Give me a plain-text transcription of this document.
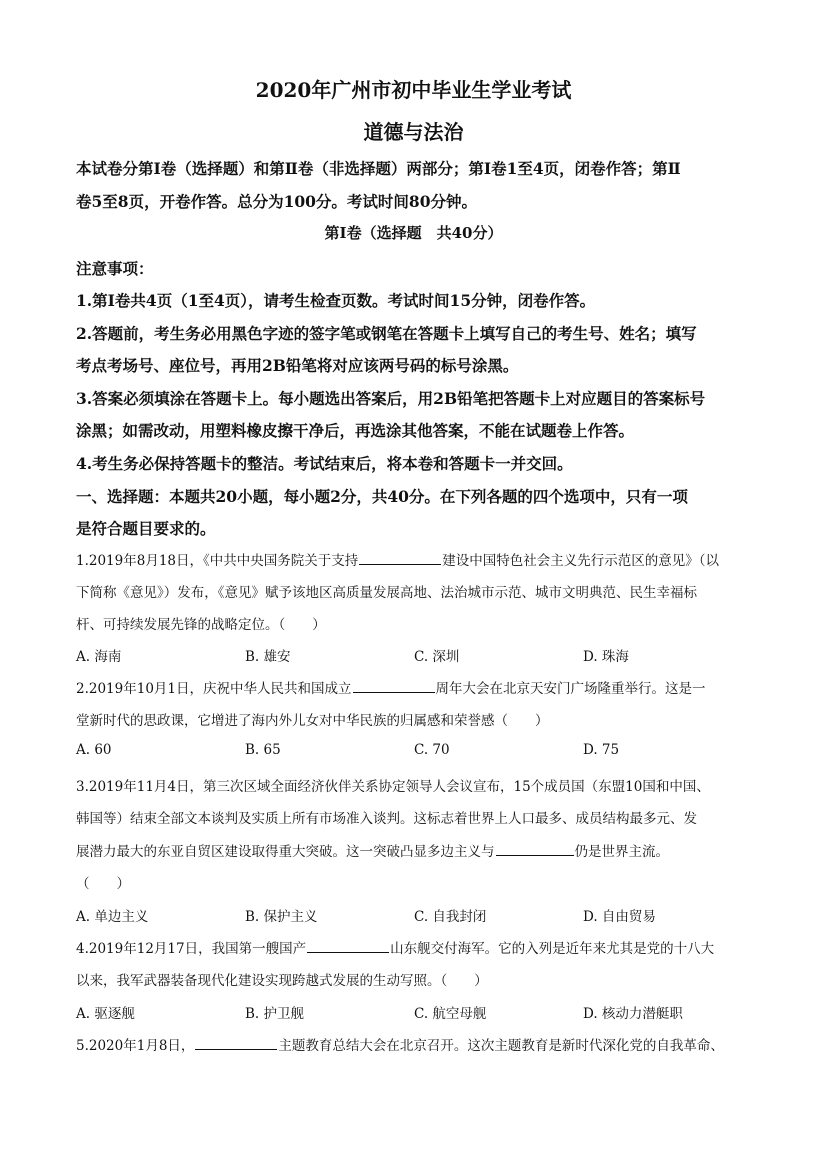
2020年广州市初中毕业生学业考试
道德与法治
本试卷分第Ⅰ卷（选择题）和第Ⅱ卷（非选择题）两部分；第Ⅰ卷1至4页，闭卷作答；第Ⅱ
卷5至8页，开卷作答。总分为100分。考试时间80分钟。
第Ⅰ卷（选择题　共40分）
注意事项：
1.第Ⅰ卷共4页（1至4页），请考生检查页数。考试时间15分钟，闭卷作答。
2.答题前，考生务必用黑色字迹的签字笔或钢笔在答题卡上填写自己的考生号、姓名；填写
考点考场号、座位号，再用2B铅笔将对应该两号码的标号涂黑。
3.答案必须填涂在答题卡上。每小题选出答案后，用2B铅笔把答题卡上对应题目的答案标号
涂黑；如需改动，用塑料橡皮擦干净后，再选涂其他答案，不能在试题卷上作答。
4.考生务必保持答题卡的整洁。考试结束后，将本卷和答题卡一并交回。
一、选择题：本题共20小题，每小题2分，共40分。在下列各题的四个选项中，只有一项
是符合题目要求的。
1.2019年8月18日，《中共中央国务院关于支持	建设中国特色社会主义先行示范区的意见》（以
下简称《意见》）发布，《意见》赋予该地区高质量发展高地、法治城市示范、城市文明典范、民生幸福标
杆、可持续发展先锋的战略定位。（　　）
A. 海南	B. 雄安	C. 深圳	D. 珠海
2.2019年10月1日，庆祝中华人民共和国成立	周年大会在北京天安门广场隆重举行。这是一
堂新时代的思政课，它增进了海内外儿女对中华民族的归属感和荣誉感（　　）
A. 60	B. 65	C. 70	D. 75
3.2019年11月4日，第三次区域全面经济伙伴关系协定领导人会议宣布，15个成员国（东盟10国和中国、
韩国等）结束全部文本谈判及实质上所有市场准入谈判。这标志着世界上人口最多、成员结构最多元、发
展潜力最大的东亚自贸区建设取得重大突破。这一突破凸显多边主义与	仍是世界主流。
（　　）
A. 单边主义	B. 保护主义	C. 自我封闭	D. 自由贸易
4.2019年12月17日，我国第一艘国产	山东舰交付海军。它的入列是近年来尤其是党的十八大
以来，我军武器装备现代化建设实现跨越式发展的生动写照。（　　）
A. 驱逐舰	B. 护卫舰	C. 航空母舰	D. 核动力潜艇职
5.2020年1月8日，	主题教育总结大会在北京召开。这次主题教育是新时代深化党的自我革命、
